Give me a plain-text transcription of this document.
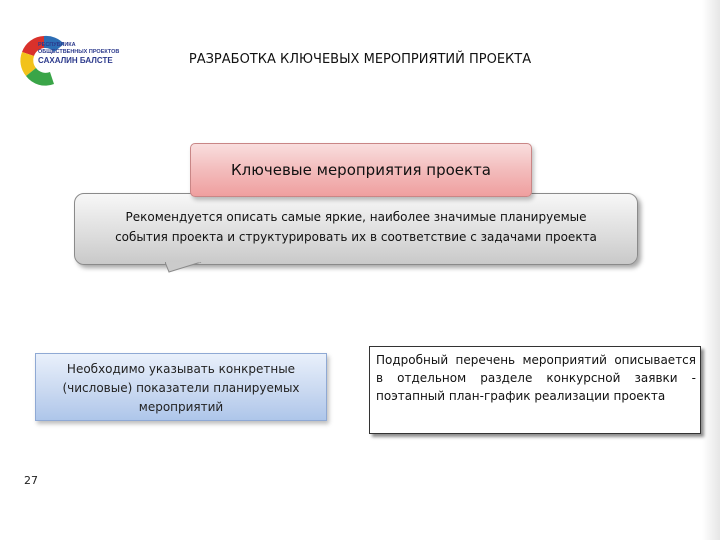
РЕСПУБЛИКА
ОБЩЕСТВЕННЫХ ПРОЕКТОВ
САХАЛИН БАЛСТЕ	РАЗРАБОТКА КЛЮЧЕВЫХ МЕРОПРИЯТИЙ ПРОЕКТА
Рекомендуется описать самые яркие, наиболее значимые планируемые
события проекта и структурировать их в соответствие с задачами проекта
Ключевые мероприятия проекта
Необходимо указывать конкретные
(числовые) показатели планируемых
мероприятий
Подробный перечень мероприятий описывается в отдельном разделе конкурсной заявки - поэтапный план-график реализации проекта
27
